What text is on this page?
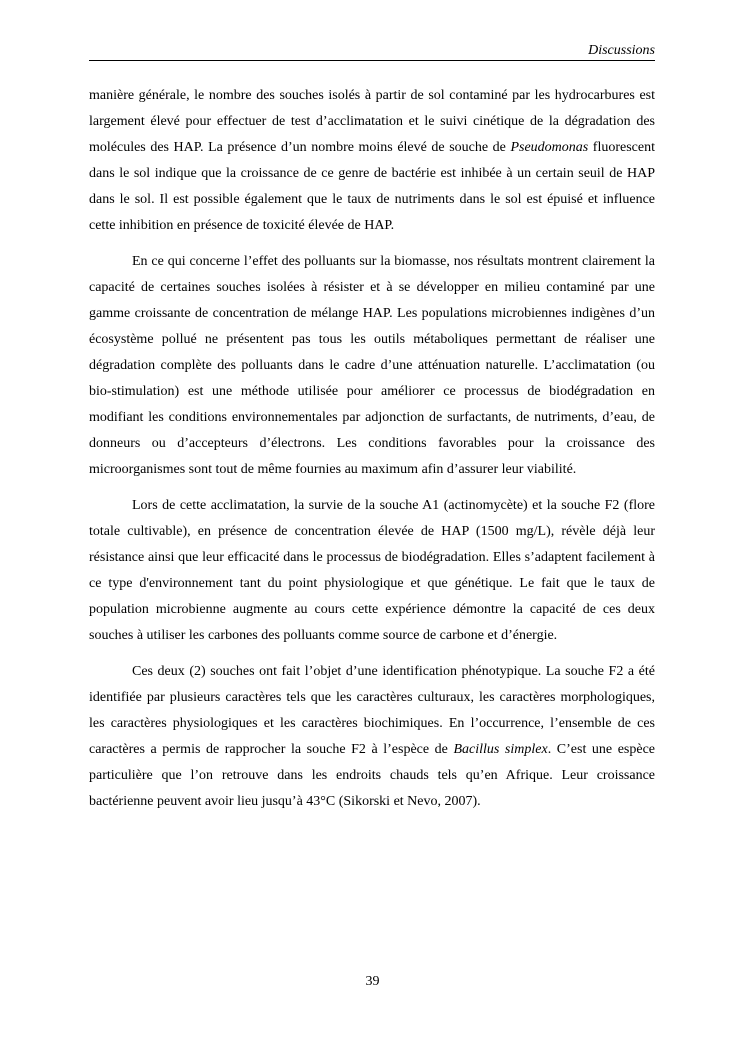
Discussions

manière générale, le nombre des souches isolés à partir de sol contaminé par les hydrocarbures est largement élevé pour effectuer de test d’acclimatation et le suivi cinétique de la dégradation des molécules des HAP. La présence d’un nombre moins élevé de souche de Pseudomonas fluorescent dans le sol indique que la croissance de ce genre de bactérie est inhibée à un certain seuil de HAP dans le sol. Il est possible également que le taux de nutriments dans le sol est épuisé et influence cette inhibition en présence de toxicité élevée de HAP.

En ce qui concerne l’effet des polluants sur la biomasse, nos résultats montrent clairement la capacité de certaines souches isolées à résister et à se développer en milieu contaminé par une gamme croissante de concentration de mélange HAP. Les populations microbiennes indigènes d’un écosystème pollué ne présentent pas tous les outils métaboliques permettant de réaliser une dégradation complète des polluants dans le cadre d’une atténuation naturelle. L’acclimatation (ou bio-stimulation) est une méthode utilisée pour améliorer ce processus de biodégradation en modifiant les conditions environnementales par adjonction de surfactants, de nutriments, d’eau, de donneurs ou d’accepteurs d’électrons. Les conditions favorables pour la croissance des microorganismes sont tout de même fournies au maximum afin d’assurer leur viabilité.

Lors de cette acclimatation, la survie de la souche A1 (actinomycète) et la souche F2 (flore totale cultivable), en présence de concentration élevée de HAP (1500 mg/L), révèle déjà leur résistance ainsi que leur efficacité dans le processus de biodégradation. Elles s’adaptent facilement à ce type d'environnement tant du point physiologique et que génétique. Le fait que le taux de population microbienne augmente au cours cette expérience démontre la capacité de ces deux souches à utiliser les carbones des polluants comme source de carbone et d’énergie.

Ces deux (2) souches ont fait l’objet d’une identification phénotypique. La souche F2 a été identifiée par plusieurs caractères tels que les caractères culturaux, les caractères morphologiques, les caractères physiologiques et les caractères biochimiques. En l’occurrence, l’ensemble de ces caractères a permis de rapprocher la souche F2 à l’espèce de Bacillus simplex. C’est une espèce particulière que l’on retrouve dans les endroits chauds tels qu’en Afrique. Leur croissance bactérienne peuvent avoir lieu jusqu’à 43°C (Sikorski et Nevo, 2007).

39
